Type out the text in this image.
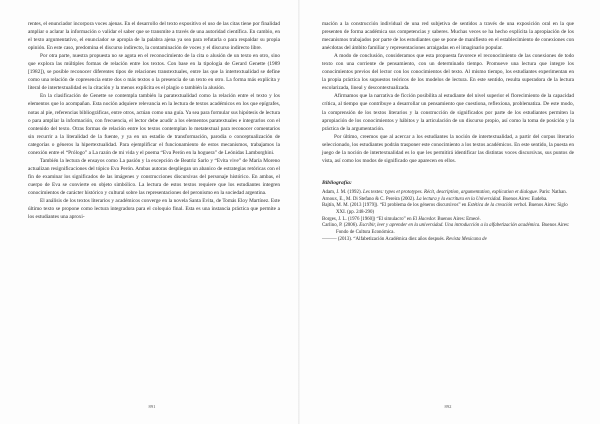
rentes, el enunciador incorpora voces ajenas. En el desarrollo del texto expositivo el uso de las citas tiene por finalidad ampliar o aclarar la información o validar el saber que se transmite a través de una autoridad científica. En cambio, en el texto argumentativo, el enunciador se apropia de la palabra ajena ya sea para refutarla o para respaldar su propia opinión. En este caso, predomina el discurso indirecto, la contaminación de voces y el discurso indirecto libre.

Por otra parte, nuestra propuesta no se agota en el reconocimiento de la cita o alusión de un texto en otro, sino que explora las múltiples formas de relación entre los textos. Con base en la tipología de Gerard Genette (1989 [1982]), se posible reconocer diferentes tipos de relaciones transtextuales, entre las que la intertextualidad se define como una relación de copresencia entre dos o más textos o la presencia de un texto en otro. La forma más explícita y literal de intertextualidad es la citación y la menos explícita es el plagio o también la alusión.

En la clasificación de Genette se contempla también la paratextualidad como la relación entre el texto y los elementos que lo acompañan. Esta noción adquiere relevancia en la lectura de textos académicos en los que epígrafes, notas al pie, referencias bibliográficas, entre otros, actúan como una guía. Ya sea para formular sus hipótesis de lectura o para ampliar la información, con frecuencia, el lector debe acudir a los elementos paratextuales e integrarlos con el contenido del texto. Otras formas de relación entre los textos contemplan lo metatextual para reconocer comentarios sin recurrir a la literalidad de la fuente, y ya en un estadio de transformación, parodia o conceptualización de categorías o géneros la hipertextualidad. Para ejemplificar el funcionamiento de estos mecanismos, trabajamos la conexión entre el “Prólogo” a La razón de mi vida y el poema “Eva Perón en la hoguera” de Leónidas Lamborghini.

También la lectura de ensayos como La pasión y la excepción de Beatriz Sarlo y “Evita vive” de María Moreno actualizan resignificaciones del tópico Eva Perón. Ambas autoras despliegan un abanico de estrategias retóricas con el fin de examinar los significados de las imágenes y construcciones discursivas del personaje histórico. En ambas, el cuerpo de Eva se convierte en objeto simbólico. La lectura de estos textos requiere que los estudiantes integren conocimientos de carácter histórico y cultural sobre las representaciones del peronismo en la sociedad argentina.

El análisis de los textos literarios y académicos converge en la novela Santa Evita, de Tomás Eloy Martínez. Este último texto se propone como lectura integradora para el coloquio final. Esta es una instancia práctica que permite a los estudiantes una aproxi-

891

mación a la construcción individual de una red subjetiva de sentidos a través de una exposición oral en la que presenten de forma académica sus competencias y saberes. Muchas veces se ha hecho explícita la apropiación de los mecanismos trabajados por parte de los estudiantes que se pone de manifiesto en el establecimiento de conexiones con anécdotas del ámbito familiar y representaciones arraigadas en el imaginario popular.

A modo de conclusión, consideramos que esta propuesta favorece el reconocimiento de las conexiones de todo texto con una corriente de pensamiento, con un determinado tiempo. Promueve una lectura que integre los conocimientos previos del lector con los conocimientos del texto. Al mismo tiempo, los estudiantes experimentan en la propia práctica los supuestos teóricos de los modelos de lectura. En este sentido, resulta superadora de la lectura escolarizada, lineal y descontextualizada.

Afirmamos que la narrativa de ficción posibilita al estudiante del nivel superior el florecimiento de la capacidad crítica, al tiempo que contribuye a desarrollar un pensamiento que cuestiona, reflexiona, problematiza. De este modo, la comprensión de los textos literarios y la construcción de significados por parte de los estudiantes permiten la apropiación de los conocimientos y hábitos y la articulación de un discurso propio, así como la toma de posición y la práctica de la argumentación.

Por último, creemos que al acercar a los estudiantes la noción de intertextualidad, a partir del corpus literario seleccionado, los estudiantes podrán trasponer este conocimiento a los textos académicos. En este sentido, la puesta en juego de la noción de intertextualidad es lo que les permitirá identificar las distintas voces discursivas, sus puntos de vista, así como los modos de significado que aparecen en ellos.

Bibliografía:
Adam, J. M. (1992). Les textes: types et prototypes. Récit, description, argumentation, explication et dialogue. Paris: Nathan.
Arnoux, E., M. Di Stefano & C. Pereira (2002). La lectura y la escritura en la Universidad. Buenos Aires: Eudeba.
Bajtín, M. M. (2013 [1979]). “El problema de los géneros discursivos” en Estética de la creación verbal. Buenos Aires: Siglo XXI. (pp. 248-290)
Borges, J. L. (1976 [1960]) “El simulacro” en El Hacedor. Buenos Aires: Emecé.
Carlino, P. (2006). Escribir, leer y aprender en la universidad. Una introducción a la alfabetización académica. Buenos Aires: Fondo de Cultura Económica.
——— (2013). “Alfabetización Académica diez años después. Revista Mexicana de
892
